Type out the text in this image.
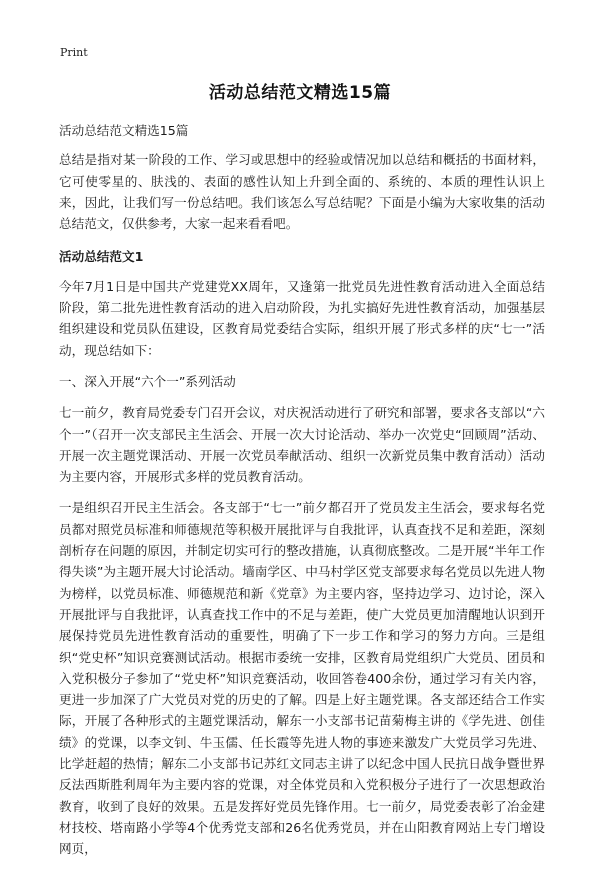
Print
活动总结范文精选15篇

活动总结范文精选15篇

总结是指对某一阶段的工作、学习或思想中的经验或情况加以总结和概括的书面材料，它可使零星的、肤浅的、表面的感性认知上升到全面的、系统的、本质的理性认识上来，因此，让我们写一份总结吧。我们该怎么写总结呢？下面是小编为大家收集的活动总结范文，仅供参考，大家一起来看看吧。

活动总结范文1

今年7月1日是中国共产党建党XX周年，又逢第一批党员先进性教育活动进入全面总结阶段，第二批先进性教育活动的进入启动阶段，为扎实搞好先进性教育活动，加强基层组织建设和党员队伍建设，区教育局党委结合实际，组织开展了形式多样的庆“七一”活动，现总结如下：

一、深入开展“六个一”系列活动

七一前夕，教育局党委专门召开会议，对庆祝活动进行了研究和部署，要求各支部以“六个一”（召开一次支部民主生活会、开展一次大讨论活动、举办一次党史“回顾周”活动、开展一次主题党课活动、开展一次党员奉献活动、组织一次新党员集中教育活动）活动为主要内容，开展形式多样的党员教育活动。

一是组织召开民主生活会。各支部于“七一”前夕都召开了党员发主生活会，要求每名党员都对照党员标准和师德规范等积极开展批评与自我批评，认真查找不足和差距，深刻剖析存在问题的原因，并制定切实可行的整改措施，认真彻底整改。二是开展“半年工作得失谈”为主题开展大讨论活动。墙南学区、中马村学区党支部要求每名党员以先进人物为榜样，以党员标准、师德规范和新《党章》为主要内容，坚持边学习、边讨论，深入开展批评与自我批评，认真查找工作中的不足与差距，使广大党员更加清醒地认识到开展保持党员先进性教育活动的重要性，明确了下一步工作和学习的努力方向。三是组织“党史杯”知识竞赛测试活动。根据市委统一安排，区教育局党组织广大党员、团员和入党积极分子参加了“党史杯”知识竞赛活动，收回答卷400余份，通过学习有关内容，更进一步加深了广大党员对党的历史的了解。四是上好主题党课。各支部还结合工作实际，开展了各种形式的主题党课活动，解东一小支部书记苗菊梅主讲的《学先进、创佳绩》的党课，以李文钊、牛玉儒、任长霞等先进人物的事迹来激发广大党员学习先进、比学赶超的热情；解东二小支部书记苏红文同志主讲了以纪念中国人民抗日战争暨世界反法西斯胜利周年为主要内容的党课，对全体党员和入党积极分子进行了一次思想政治教育，收到了良好的效果。五是发挥好党员先锋作用。七一前夕，局党委表彰了冶金建材技校、塔南路小学等4个优秀党支部和26名优秀党员，并在山阳教育网站上专门增设网页，
